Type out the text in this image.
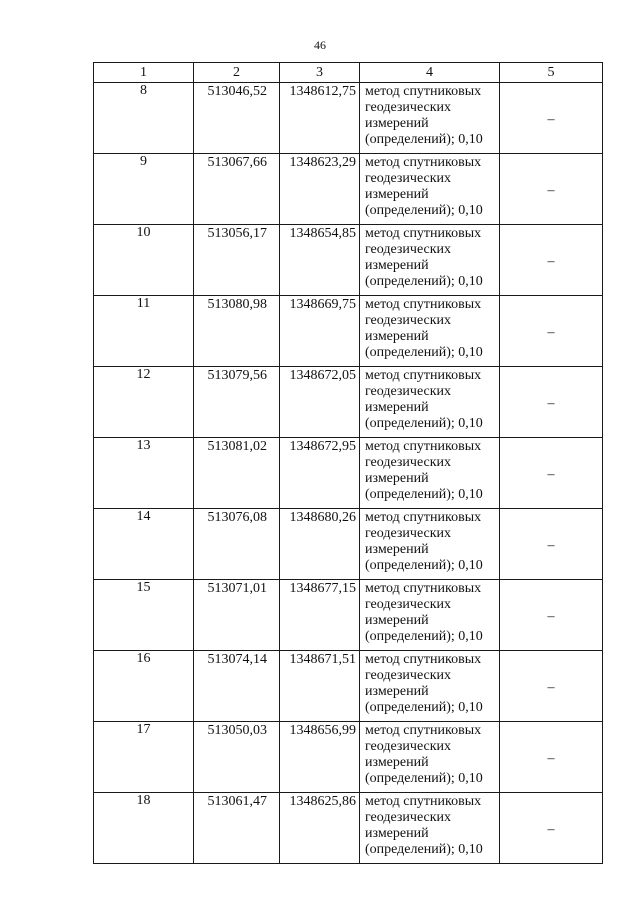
46
1	2	3	4	5
8	513046,52	1348612,75	метод спутниковых
геодезических
измерений
(определений); 0,10	–
9	513067,66	1348623,29	метод спутниковых
геодезических
измерений
(определений); 0,10	–
10	513056,17	1348654,85	метод спутниковых
геодезических
измерений
(определений); 0,10	–
11	513080,98	1348669,75	метод спутниковых
геодезических
измерений
(определений); 0,10	–
12	513079,56	1348672,05	метод спутниковых
геодезических
измерений
(определений); 0,10	–
13	513081,02	1348672,95	метод спутниковых
геодезических
измерений
(определений); 0,10	–
14	513076,08	1348680,26	метод спутниковых
геодезических
измерений
(определений); 0,10	–
15	513071,01	1348677,15	метод спутниковых
геодезических
измерений
(определений); 0,10	–
16	513074,14	1348671,51	метод спутниковых
геодезических
измерений
(определений); 0,10	–
17	513050,03	1348656,99	метод спутниковых
геодезических
измерений
(определений); 0,10	–
18	513061,47	1348625,86	метод спутниковых
геодезических
измерений
(определений); 0,10	–
